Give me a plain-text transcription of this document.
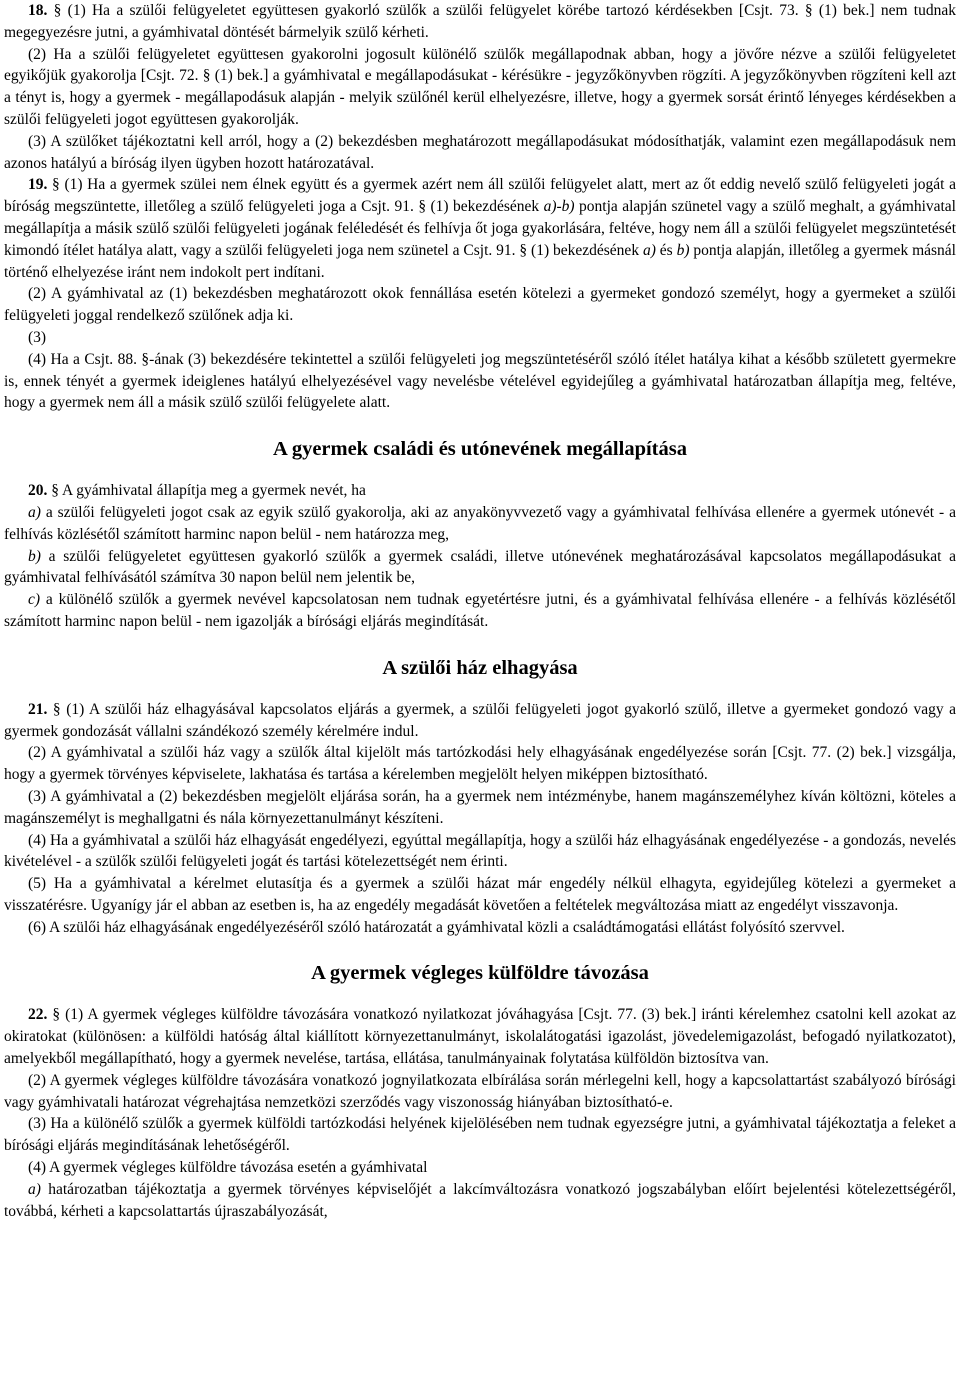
18. § (1) Ha a szülői felügyeletet együttesen gyakorló szülők a szülői felügyelet körébe tartozó kérdésekben [Csjt. 73. § (1) bek.] nem tudnak megegyezésre jutni, a gyámhivatal döntését bármelyik szülő kérheti.

(2) Ha a szülői felügyeletet együttesen gyakorolni jogosult különélő szülők megállapodnak abban, hogy a jövőre nézve a szülői felügyeletet egyikőjük gyakorolja [Csjt. 72. § (1) bek.] a gyámhivatal e megállapodásukat - kérésükre - jegyzőkönyvben rögzíti. A jegyzőkönyvben rögzíteni kell azt a tényt is, hogy a gyermek - megállapodásuk alapján - melyik szülőnél kerül elhelyezésre, illetve, hogy a gyermek sorsát érintő lényeges kérdésekben a szülői felügyeleti jogot együttesen gyakorolják.

(3) A szülőket tájékoztatni kell arról, hogy a (2) bekezdésben meghatározott megállapodásukat módosíthatják, valamint ezen megállapodásuk nem azonos hatályú a bíróság ilyen ügyben hozott határozatával.

19. § (1) Ha a gyermek szülei nem élnek együtt és a gyermek azért nem áll szülői felügyelet alatt, mert az őt eddig nevelő szülő felügyeleti jogát a bíróság megszüntette, illetőleg a szülő felügyeleti joga a Csjt. 91. § (1) bekezdésének a)-b) pontja alapján szünetel vagy a szülő meghalt, a gyámhivatal megállapítja a másik szülő szülői felügyeleti jogának feléledését és felhívja őt joga gyakorlására, feltéve, hogy nem áll a szülői felügyelet megszüntetését kimondó ítélet hatálya alatt, vagy a szülői felügyeleti joga nem szünetel a Csjt. 91. § (1) bekezdésének a) és b) pontja alapján, illetőleg a gyermek másnál történő elhelyezése iránt nem indokolt pert indítani.

(2) A gyámhivatal az (1) bekezdésben meghatározott okok fennállása esetén kötelezi a gyermeket gondozó személyt, hogy a gyermeket a szülői felügyeleti joggal rendelkező szülőnek adja ki.

(3)

(4) Ha a Csjt. 88. §-ának (3) bekezdésére tekintettel a szülői felügyeleti jog megszüntetéséről szóló ítélet hatálya kihat a később született gyermekre is, ennek tényét a gyermek ideiglenes hatályú elhelyezésével vagy nevelésbe vételével egyidejűleg a gyámhivatal határozatban állapítja meg, feltéve, hogy a gyermek nem áll a másik szülő szülői felügyelete alatt.

A gyermek családi és utónevének megállapítása

20. § A gyámhivatal állapítja meg a gyermek nevét, ha

a) a szülői felügyeleti jogot csak az egyik szülő gyakorolja, aki az anyakönyvvezető vagy a gyámhivatal felhívása ellenére a gyermek utónevét - a felhívás közlésétől számított harminc napon belül - nem határozza meg,

b) a szülői felügyeletet együttesen gyakorló szülők a gyermek családi, illetve utónevének meghatározásával kapcsolatos megállapodásukat a gyámhivatal felhívásától számítva 30 napon belül nem jelentik be,

c) a különélő szülők a gyermek nevével kapcsolatosan nem tudnak egyetértésre jutni, és a gyámhivatal felhívása ellenére - a felhívás közlésétől számított harminc napon belül - nem igazolják a bírósági eljárás megindítását.

A szülői ház elhagyása

21. § (1) A szülői ház elhagyásával kapcsolatos eljárás a gyermek, a szülői felügyeleti jogot gyakorló szülő, illetve a gyermeket gondozó vagy a gyermek gondozását vállalni szándékozó személy kérelmére indul.

(2) A gyámhivatal a szülői ház vagy a szülők által kijelölt más tartózkodási hely elhagyásának engedélyezése során [Csjt. 77. (2) bek.] vizsgálja, hogy a gyermek törvényes képviselete, lakhatása és tartása a kérelemben megjelölt helyen miképpen biztosítható.

(3) A gyámhivatal a (2) bekezdésben megjelölt eljárása során, ha a gyermek nem intézménybe, hanem magánszemélyhez kíván költözni, köteles a magánszemélyt is meghallgatni és nála környezettanulmányt készíteni.

(4) Ha a gyámhivatal a szülői ház elhagyását engedélyezi, egyúttal megállapítja, hogy a szülői ház elhagyásának engedélyezése - a gondozás, nevelés kivételével - a szülők szülői felügyeleti jogát és tartási kötelezettségét nem érinti.

(5) Ha a gyámhivatal a kérelmet elutasítja és a gyermek a szülői házat már engedély nélkül elhagyta, egyidejűleg kötelezi a gyermeket a visszatérésre. Ugyanígy jár el abban az esetben is, ha az engedély megadását követően a feltételek megváltozása miatt az engedélyt visszavonja.

(6) A szülői ház elhagyásának engedélyezéséről szóló határozatát a gyámhivatal közli a családtámogatási ellátást folyósító szervvel.

A gyermek végleges külföldre távozása

22. § (1) A gyermek végleges külföldre távozására vonatkozó nyilatkozat jóváhagyása [Csjt. 77. (3) bek.] iránti kérelemhez csatolni kell azokat az okiratokat (különösen: a külföldi hatóság által kiállított környezettanulmányt, iskolalátogatási igazolást, jövedelemigazolást, befogadó nyilatkozatot), amelyekből megállapítható, hogy a gyermek nevelése, tartása, ellátása, tanulmányainak folytatása külföldön biztosítva van.

(2) A gyermek végleges külföldre távozására vonatkozó jognyilatkozata elbírálása során mérlegelni kell, hogy a kapcsolattartást szabályozó bírósági vagy gyámhivatali határozat végrehajtása nemzetközi szerződés vagy viszonosság hiányában biztosítható-e.

(3) Ha a különélő szülők a gyermek külföldi tartózkodási helyének kijelölésében nem tudnak egyezségre jutni, a gyámhivatal tájékoztatja a feleket a bírósági eljárás megindításának lehetőségéről.

(4) A gyermek végleges külföldre távozása esetén a gyámhivatal

a) határozatban tájékoztatja a gyermek törvényes képviselőjét a lakcímváltozásra vonatkozó jogszabályban előírt bejelentési kötelezettségéről, továbbá, kérheti a kapcsolattartás újraszabályozását,
